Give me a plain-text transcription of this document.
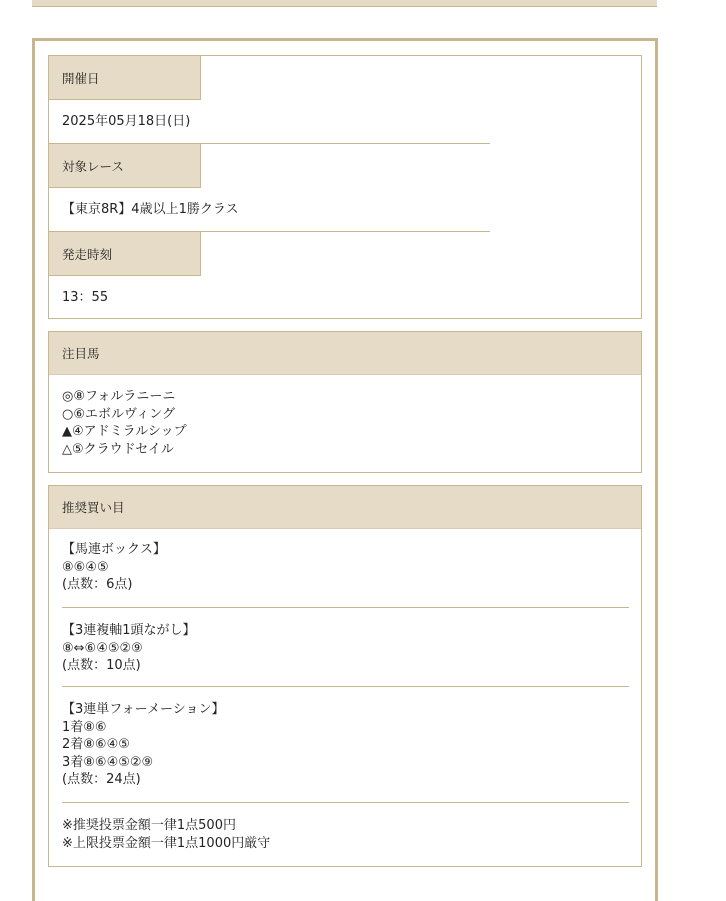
開催日
2025年05月18日(日)
対象レース
【東京8R】4歳以上1勝クラス
発走時刻
13：55
注目馬
◎⑧フォルラニーニ
○⑥エボルヴィング
▲④アドミラルシップ
△⑤クラウドセイル
推奨買い目
【馬連ボックス】
⑧⑥④⑤
(点数：6点)
【3連複軸1頭ながし】
⑧⇔⑥④⑤②⑨
(点数：10点)
【3連単フォーメーション】
1着⑧⑥
2着⑧⑥④⑤
3着⑧⑥④⑤②⑨
(点数：24点)
※推奨投票金額一律1点500円
※上限投票金額一律1点1000円厳守
